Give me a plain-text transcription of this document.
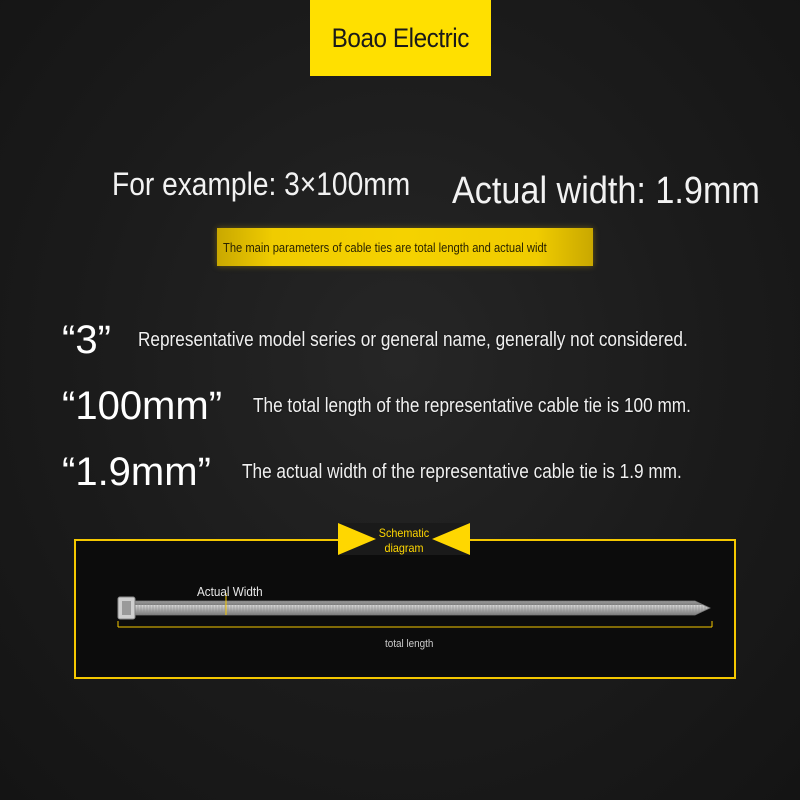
Boao Electric
For example: 3×100mm Actual width: 1.9mm
The main parameters of cable ties are total length and actual widt
“3” Representative model series or general name, generally not considered.
“100mm” The total length of the representative cable tie is 100 mm.
“1.9mm” The actual width of the representative cable tie is 1.9 mm.
Schematic
diagram
Actual Width
total length
